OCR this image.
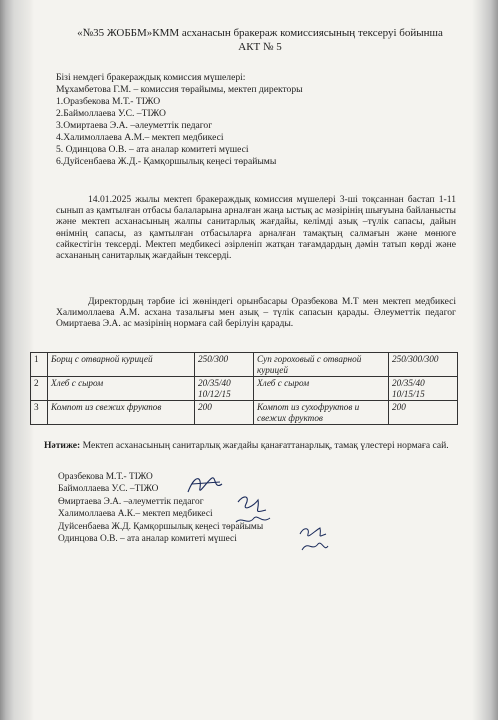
«№35 ЖОББМ»КММ асханасын бракераж комиссиясының тексеруі бойынша
АКТ № 5
Бізі немдегі бракераждық комиссия мүшелері:
Мұхамбетова Г.М. – комиссия төрайымы, мектеп директоры
1.Оразбекова М.Т.- ТІЖО
2.Баймоллаева У.С. –ТІЖО
3.Омиртаева Э.А. –әлеуметтік педагог
4.Халимоллаева А.М.– мектеп медбикесі
5. Одинцова О.В. – ата аналар комитеті мүшесі
6.Дуйсенбаева Ж.Д.- Қамқоршылық кеңесі төрайымы

14.01.2025 жылы мектеп бракераждық комиссия мүшелері 3-ші тоқсаннан бастап 1-11 сынып аз қамтылған отбасы балаларына арналған жаңа ыстық ас мәзірінің шығуына байланысты және мектеп асханасының жалпы санитарлық жағдайы, келімді азық –түлік сапасы, дайын өнімнің сапасы, аз қамтылған отбасыларға арналған тамақтың салмағын және мөнюге сәйкестігін тексерді. Мектеп медбикесі әзірленіп жатқан тағамдардың дәмін татып көрді және асхананың санитарлық жағдайын тексерді.

Директордың тәрбие ісі жөніндегі орынбасары Оразбекова М.Т мен мектеп медбикесі Халимоллаева А.М. асхана тазалығы мен азық – түлік сапасын қарады. Әлеуметтік педагог Омиртаева Э.А. ас мәзірінің нормаға сай берілуін қарады.

1	Борщ с отварной курицей	250/300	Суп гороховый с отварной курицей	250/300/300
2	Хлеб с сыром	20/35/40 10/12/15	Хлеб с сыром	20/35/40 10/15/15
3	Компот из свежих фруктов	200	Компот из сухофруктов и свежих фруктов	200
Нәтиже: Мектеп асханасының санитарлық жағдайы қанағаттанарлық, тамақ үлестері нормаға сай.
Оразбекова М.Т.- ТІЖО
Баймоллаева У.С. –ТІЖО
Өмиртаева Э.А. –әлеуметтік педагог
Халимоллаева А.К.– мектеп медбикесі
Дуйсенбаева Ж.Д. Қамқоршылық кеңесі төрайымы
Одинцова О.В. – ата аналар комитеті мүшесі
